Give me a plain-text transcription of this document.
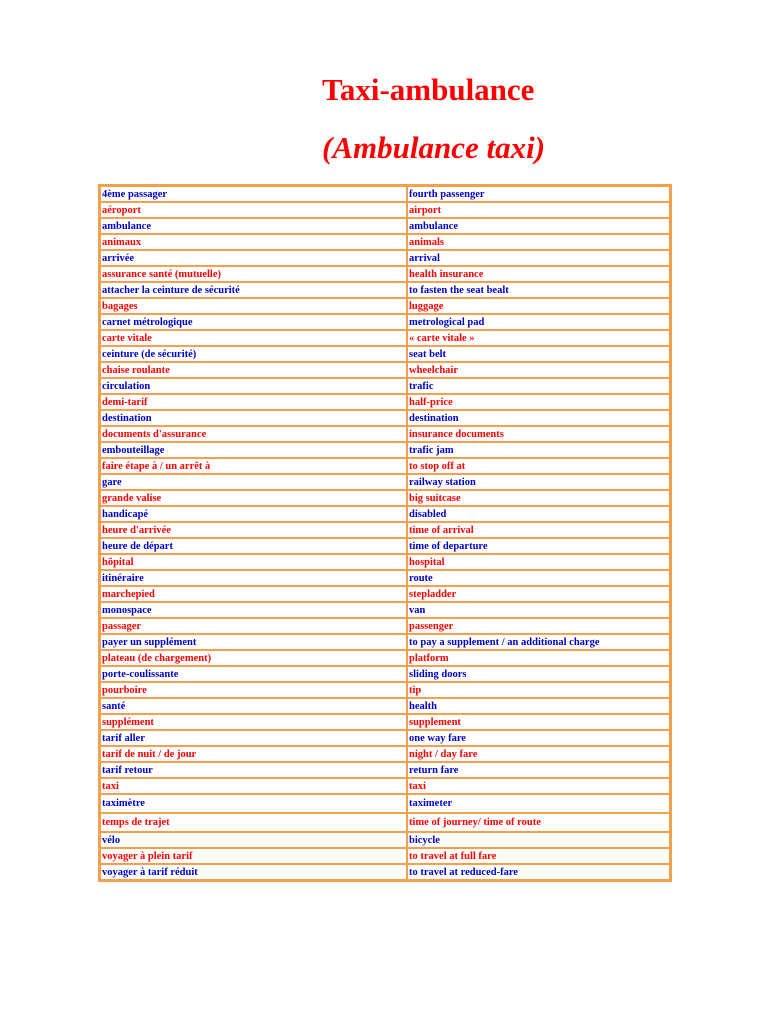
Taxi-ambulance
(Ambulance taxi)
4ème passager	fourth passenger
aéroport	airport
ambulance	ambulance
animaux	animals
arrivée	arrival
assurance santé (mutuelle)	health insurance
attacher la ceinture de sécurité	to fasten the seat bealt
bagages	luggage
carnet métrologique	metrological pad
carte vitale	« carte vitale »
ceinture (de sécurité)	seat belt
chaise roulante	wheelchair
circulation	trafic
demi-tarif	half-price
destination	destination
documents d'assurance	insurance documents
embouteillage	trafic jam
faire étape à / un arrêt à	to stop off at
gare	railway station
grande valise	big suitcase
handicapé	disabled
heure d'arrivée	time of arrival
heure de départ	time of departure
hôpital	hospital
itinéraire	route
marchepied	stepladder
monospace	van
passager	passenger
payer un supplément	to pay a supplement / an additional charge
plateau (de chargement)	platform
porte-coulissante	sliding doors
pourboire	tip
santé	health
supplément	supplement
tarif aller	one way fare
tarif de nuit / de jour	night / day fare
tarif retour	return fare
taxi	taxi
taximètre	taximeter
temps de trajet	time of journey/ time of route
vélo	bicycle
voyager à plein tarif	to travel at full fare
voyager à tarif réduit	to travel at reduced-fare
